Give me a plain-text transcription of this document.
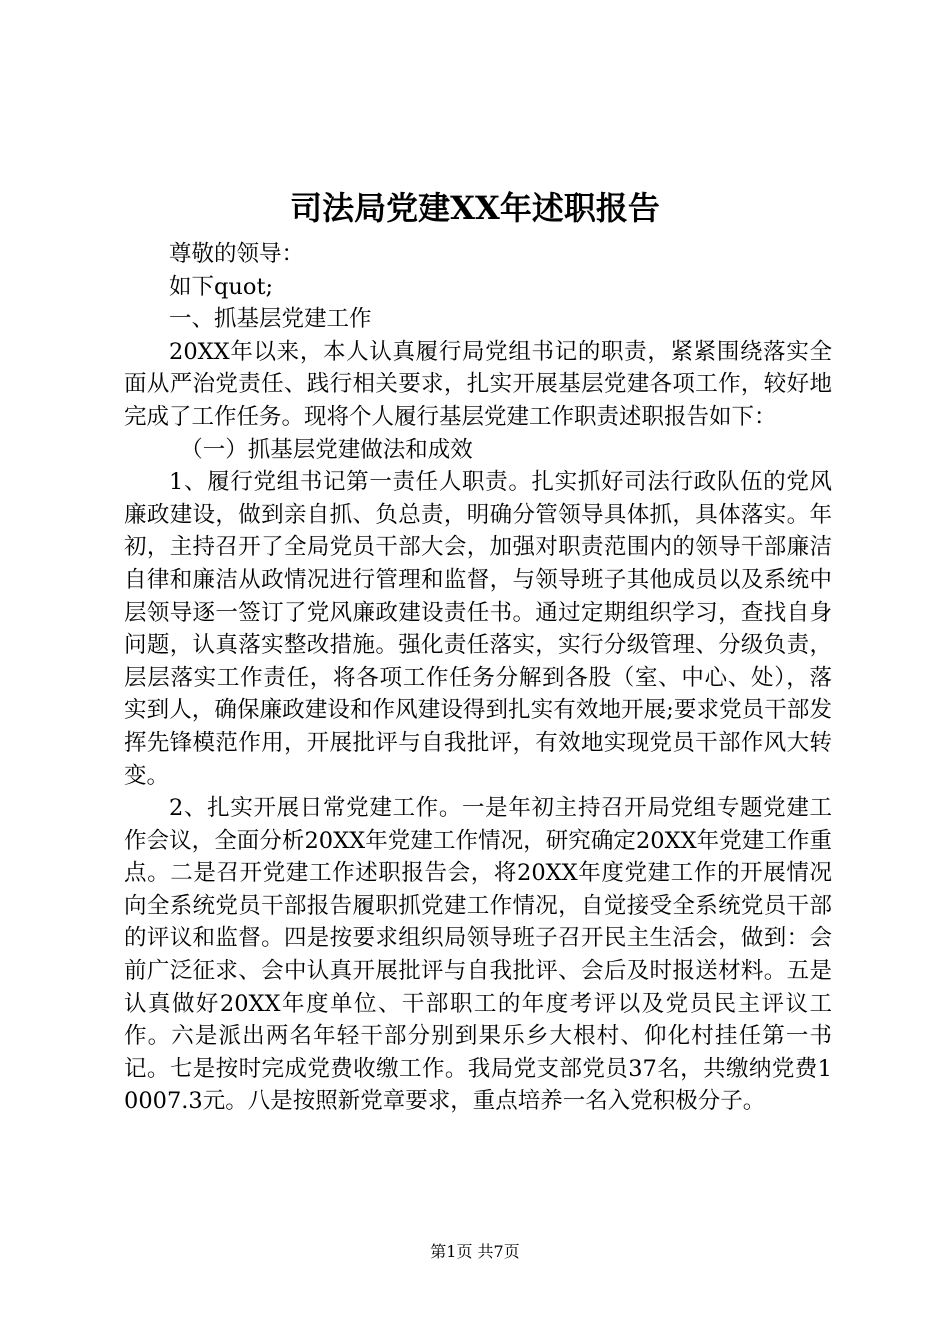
司法局党建XX年述职报告

尊敬的领导：

如下quot;

一、抓基层党建工作

20XX年以来，本人认真履行局党组书记的职责，紧紧围绕落实全面从严治党责任、践行相关要求，扎实开展基层党建各项工作，较好地完成了工作任务。现将个人履行基层党建工作职责述职报告如下：

（一）抓基层党建做法和成效

1、履行党组书记第一责任人职责。扎实抓好司法行政队伍的党风廉政建设，做到亲自抓、负总责，明确分管领导具体抓，具体落实。年初，主持召开了全局党员干部大会，加强对职责范围内的领导干部廉洁自律和廉洁从政情况进行管理和监督，与领导班子其他成员以及系统中层领导逐一签订了党风廉政建设责任书。通过定期组织学习，查找自身问题，认真落实整改措施。强化责任落实，实行分级管理、分级负责，层层落实工作责任，将各项工作任务分解到各股（室、中心、处），落实到人，确保廉政建设和作风建设得到扎实有效地开展;要求党员干部发挥先锋模范作用，开展批评与自我批评，有效地实现党员干部作风大转变。

2、扎实开展日常党建工作。一是年初主持召开局党组专题党建工作会议，全面分析20XX年党建工作情况，研究确定20XX年党建工作重点。二是召开党建工作述职报告会，将20XX年度党建工作的开展情况向全系统党员干部报告履职抓党建工作情况，自觉接受全系统党员干部的评议和监督。四是按要求组织局领导班子召开民主生活会，做到：会前广泛征求、会中认真开展批评与自我批评、会后及时报送材料。五是认真做好20XX年度单位、干部职工的年度考评以及党员民主评议工作。六是派出两名年轻干部分别到果乐乡大根村、仰化村挂任第一书记。七是按时完成党费收缴工作。我局党支部党员37名，共缴纳党费10007.3元。八是按照新党章要求，重点培养一名入党积极分子。

第1页 共7页
